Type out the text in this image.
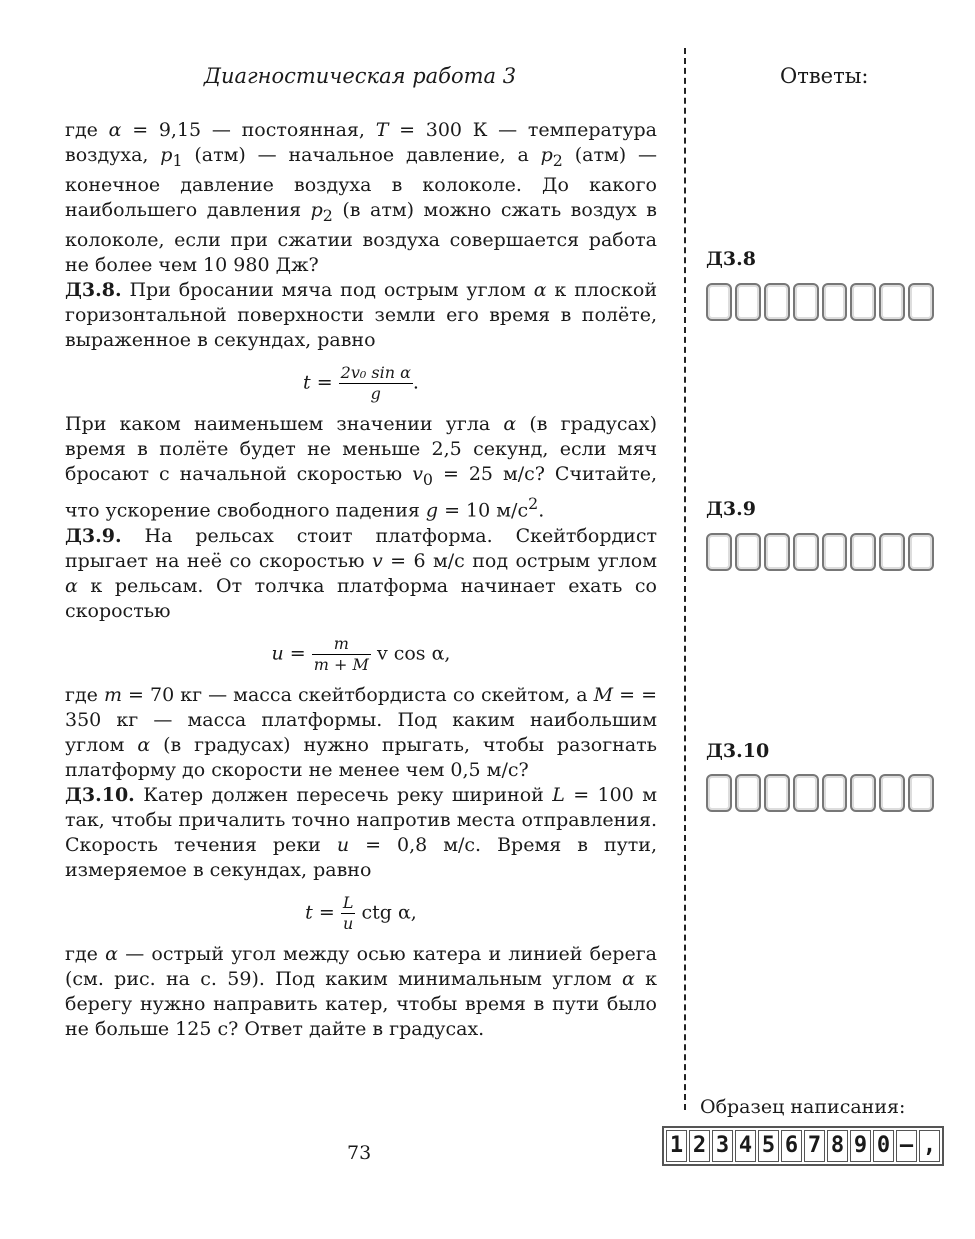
Диагностическая работа 3	Ответы:

где α = 9,15 — постоянная, T = 300 К — температура воздуха, $p_1$ (атм) — начальное давление, а $p_2$ (атм) — конечное давление воздуха в колоколе. До какого наибольшего давления $p_2$ (в атм) можно сжать воздух в колоколе, если при сжатии воздуха совершается работа не более чем 10 980 Дж?

Д3.8. При бросании мяча под острым углом α к плоской горизонтальной поверхности земли его время в полёте, выраженное в секундах, равно

$t = \frac{\text{2v₀ sin α}}{g}$ .

При каком наименьшем значении угла α (в градусах) время в полёте будет не меньше 2,5 секунд, если мяч бросают с начальной скоростью $v_0 = 25$ м/с? Считайте, что ускорение свободного падения g = 10 $м/с^2$.

Д3.9. На рельсах стоит платформа. Скейтбордист прыгает на неё со скоростью v = 6 м/с под острым углом α к рельсам. От толчка платформа начинает ехать со скоростью

$u = \frac{m}{m + M}$ v cos α,

где m = 70 кг — масса скейтбордиста со скейтом, а M = = 350 кг — масса платформы. Под каким наибольшим углом α (в градусах) нужно прыгать, чтобы разогнать платформу до скорости не менее чем 0,5 м/с?

Д3.10. Катер должен пересечь реку шириной L = 100 м так, чтобы причалить точно напротив места отправления. Скорость течения реки u = 0,8 м/с. Время в пути, измеряемое в секундах, равно

$t = \frac{L}{u}$ ctg α,

где α — острый угол между осью катера и линией берега (см. рис. на с. 59). Под каким минимальным углом α к берегу нужно направить катер, чтобы время в пути было не больше 125 с? Ответ дайте в градусах.

Д3.8
Д3.9
Д3.10
Образец написания:
1 2 3 4 5 6 7 8 9 0 – ,
73
